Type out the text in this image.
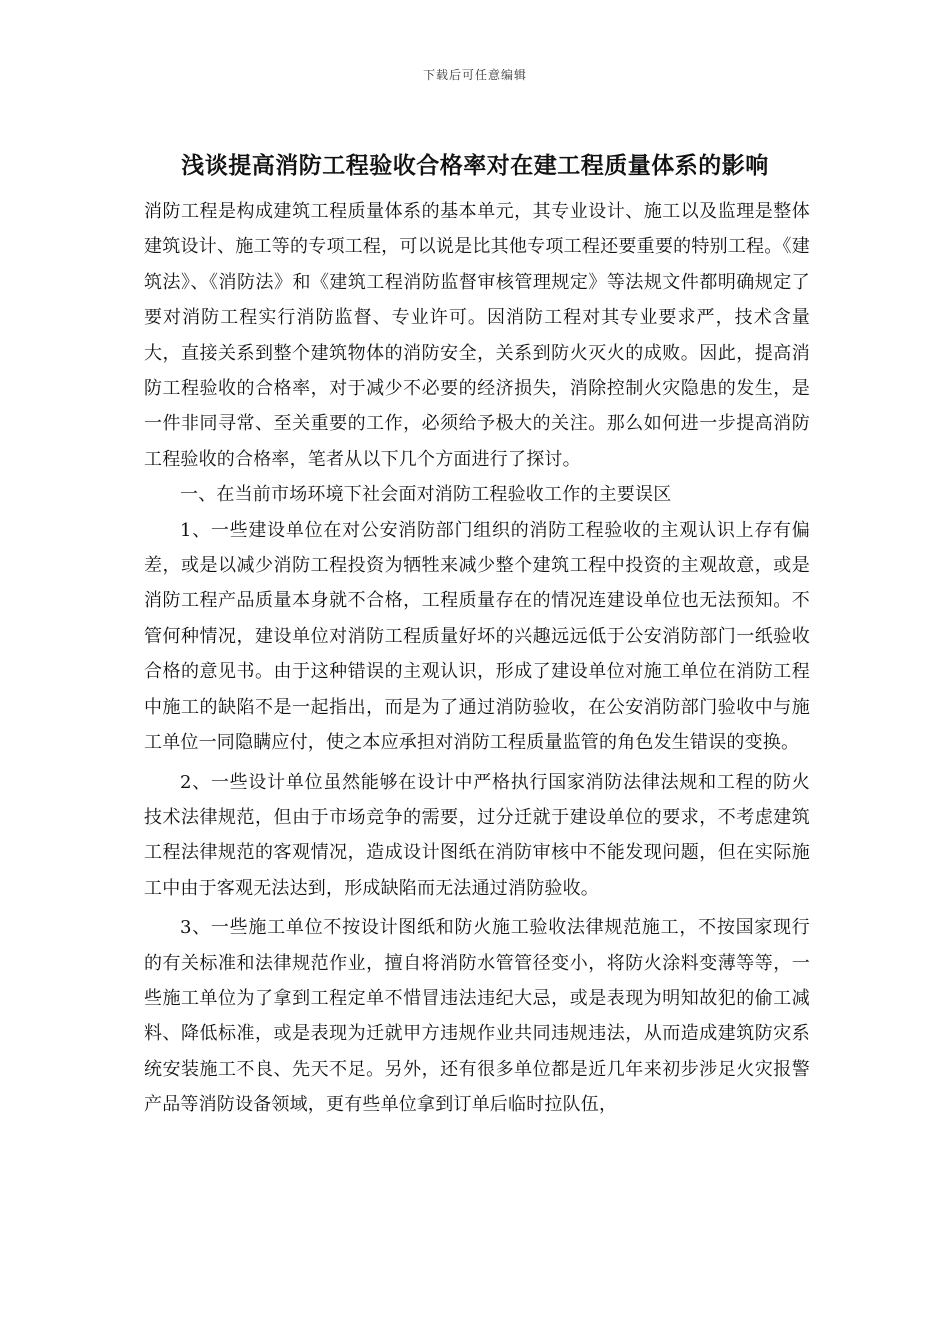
下载后可任意编辑
浅谈提高消防工程验收合格率对在建工程质量体系的影响

消防工程是构成建筑工程质量体系的基本单元，其专业设计、施工以及监理是整体建筑设计、施工等的专项工程，可以说是比其他专项工程还要重要的特别工程。《建筑法》、《消防法》和《建筑工程消防监督审核管理规定》等法规文件都明确规定了要对消防工程实行消防监督、专业许可。因消防工程对其专业要求严，技术含量大，直接关系到整个建筑物体的消防安全，关系到防火灭火的成败。因此，提高消防工程验收的合格率，对于减少不必要的经济损失，消除控制火灾隐患的发生，是一件非同寻常、至关重要的工作，必须给予极大的关注。那么如何进一步提高消防工程验收的合格率，笔者从以下几个方面进行了探讨。

一、在当前市场环境下社会面对消防工程验收工作的主要误区

1、一些建设单位在对公安消防部门组织的消防工程验收的主观认识上存有偏差，或是以减少消防工程投资为牺牲来减少整个建筑工程中投资的主观故意，或是消防工程产品质量本身就不合格，工程质量存在的情况连建设单位也无法预知。不管何种情况，建设单位对消防工程质量好坏的兴趣远远低于公安消防部门一纸验收合格的意见书。由于这种错误的主观认识，形成了建设单位对施工单位在消防工程中施工的缺陷不是一起指出，而是为了通过消防验收，在公安消防部门验收中与施工单位一同隐瞒应付，使之本应承担对消防工程质量监管的角色发生错误的变换。

2、一些设计单位虽然能够在设计中严格执行国家消防法律法规和工程的防火技术法律规范，但由于市场竞争的需要，过分迁就于建设单位的要求，不考虑建筑工程法律规范的客观情况，造成设计图纸在消防审核中不能发现问题，但在实际施工中由于客观无法达到，形成缺陷而无法通过消防验收。

3、一些施工单位不按设计图纸和防火施工验收法律规范施工，不按国家现行的有关标准和法律规范作业，擅自将消防水管管径变小，将防火涂料变薄等等，一些施工单位为了拿到工程定单不惜冒违法违纪大忌，或是表现为明知故犯的偷工减料、降低标准，或是表现为迁就甲方违规作业共同违规违法，从而造成建筑防灾系统安装施工不良、先天不足。另外，还有很多单位都是近几年来初步涉足火灾报警产品等消防设备领域，更有些单位拿到订单后临时拉队伍，
